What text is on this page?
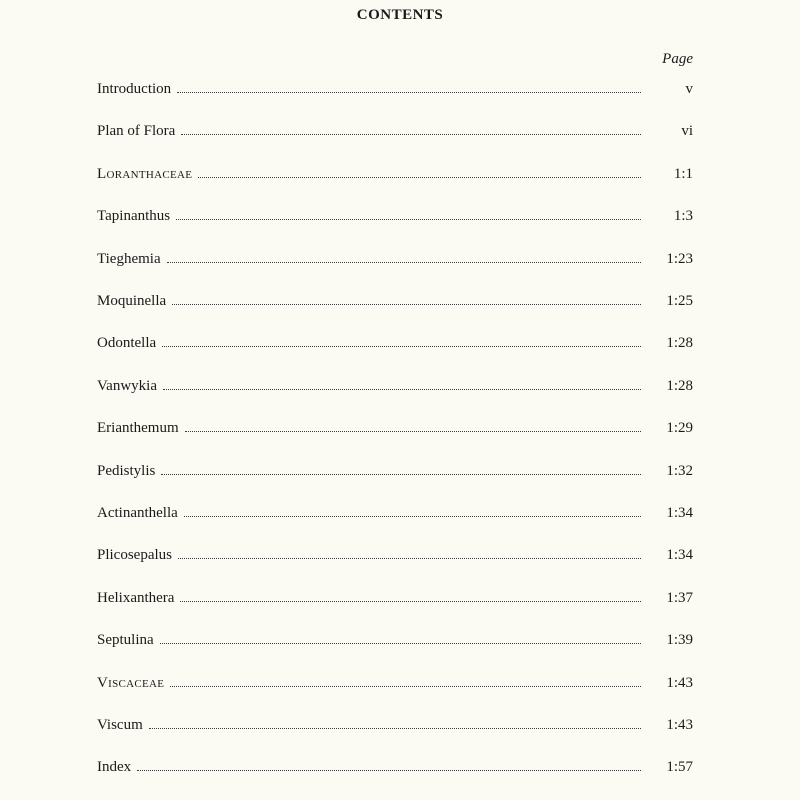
CONTENTS
Page
Introduction	v
Plan of Flora	vi
Loranthaceae	1:1
Tapinanthus	1:3
Tieghemia	1:23
Moquinella	1:25
Odontella	1:28
Vanwykia	1:28
Erianthemum	1:29
Pedistylis	1:32
Actinanthella	1:34
Plicosepalus	1:34
Helixanthera	1:37
Septulina	1:39
Viscaceae	1:43
Viscum	1:43
Index	1:57
